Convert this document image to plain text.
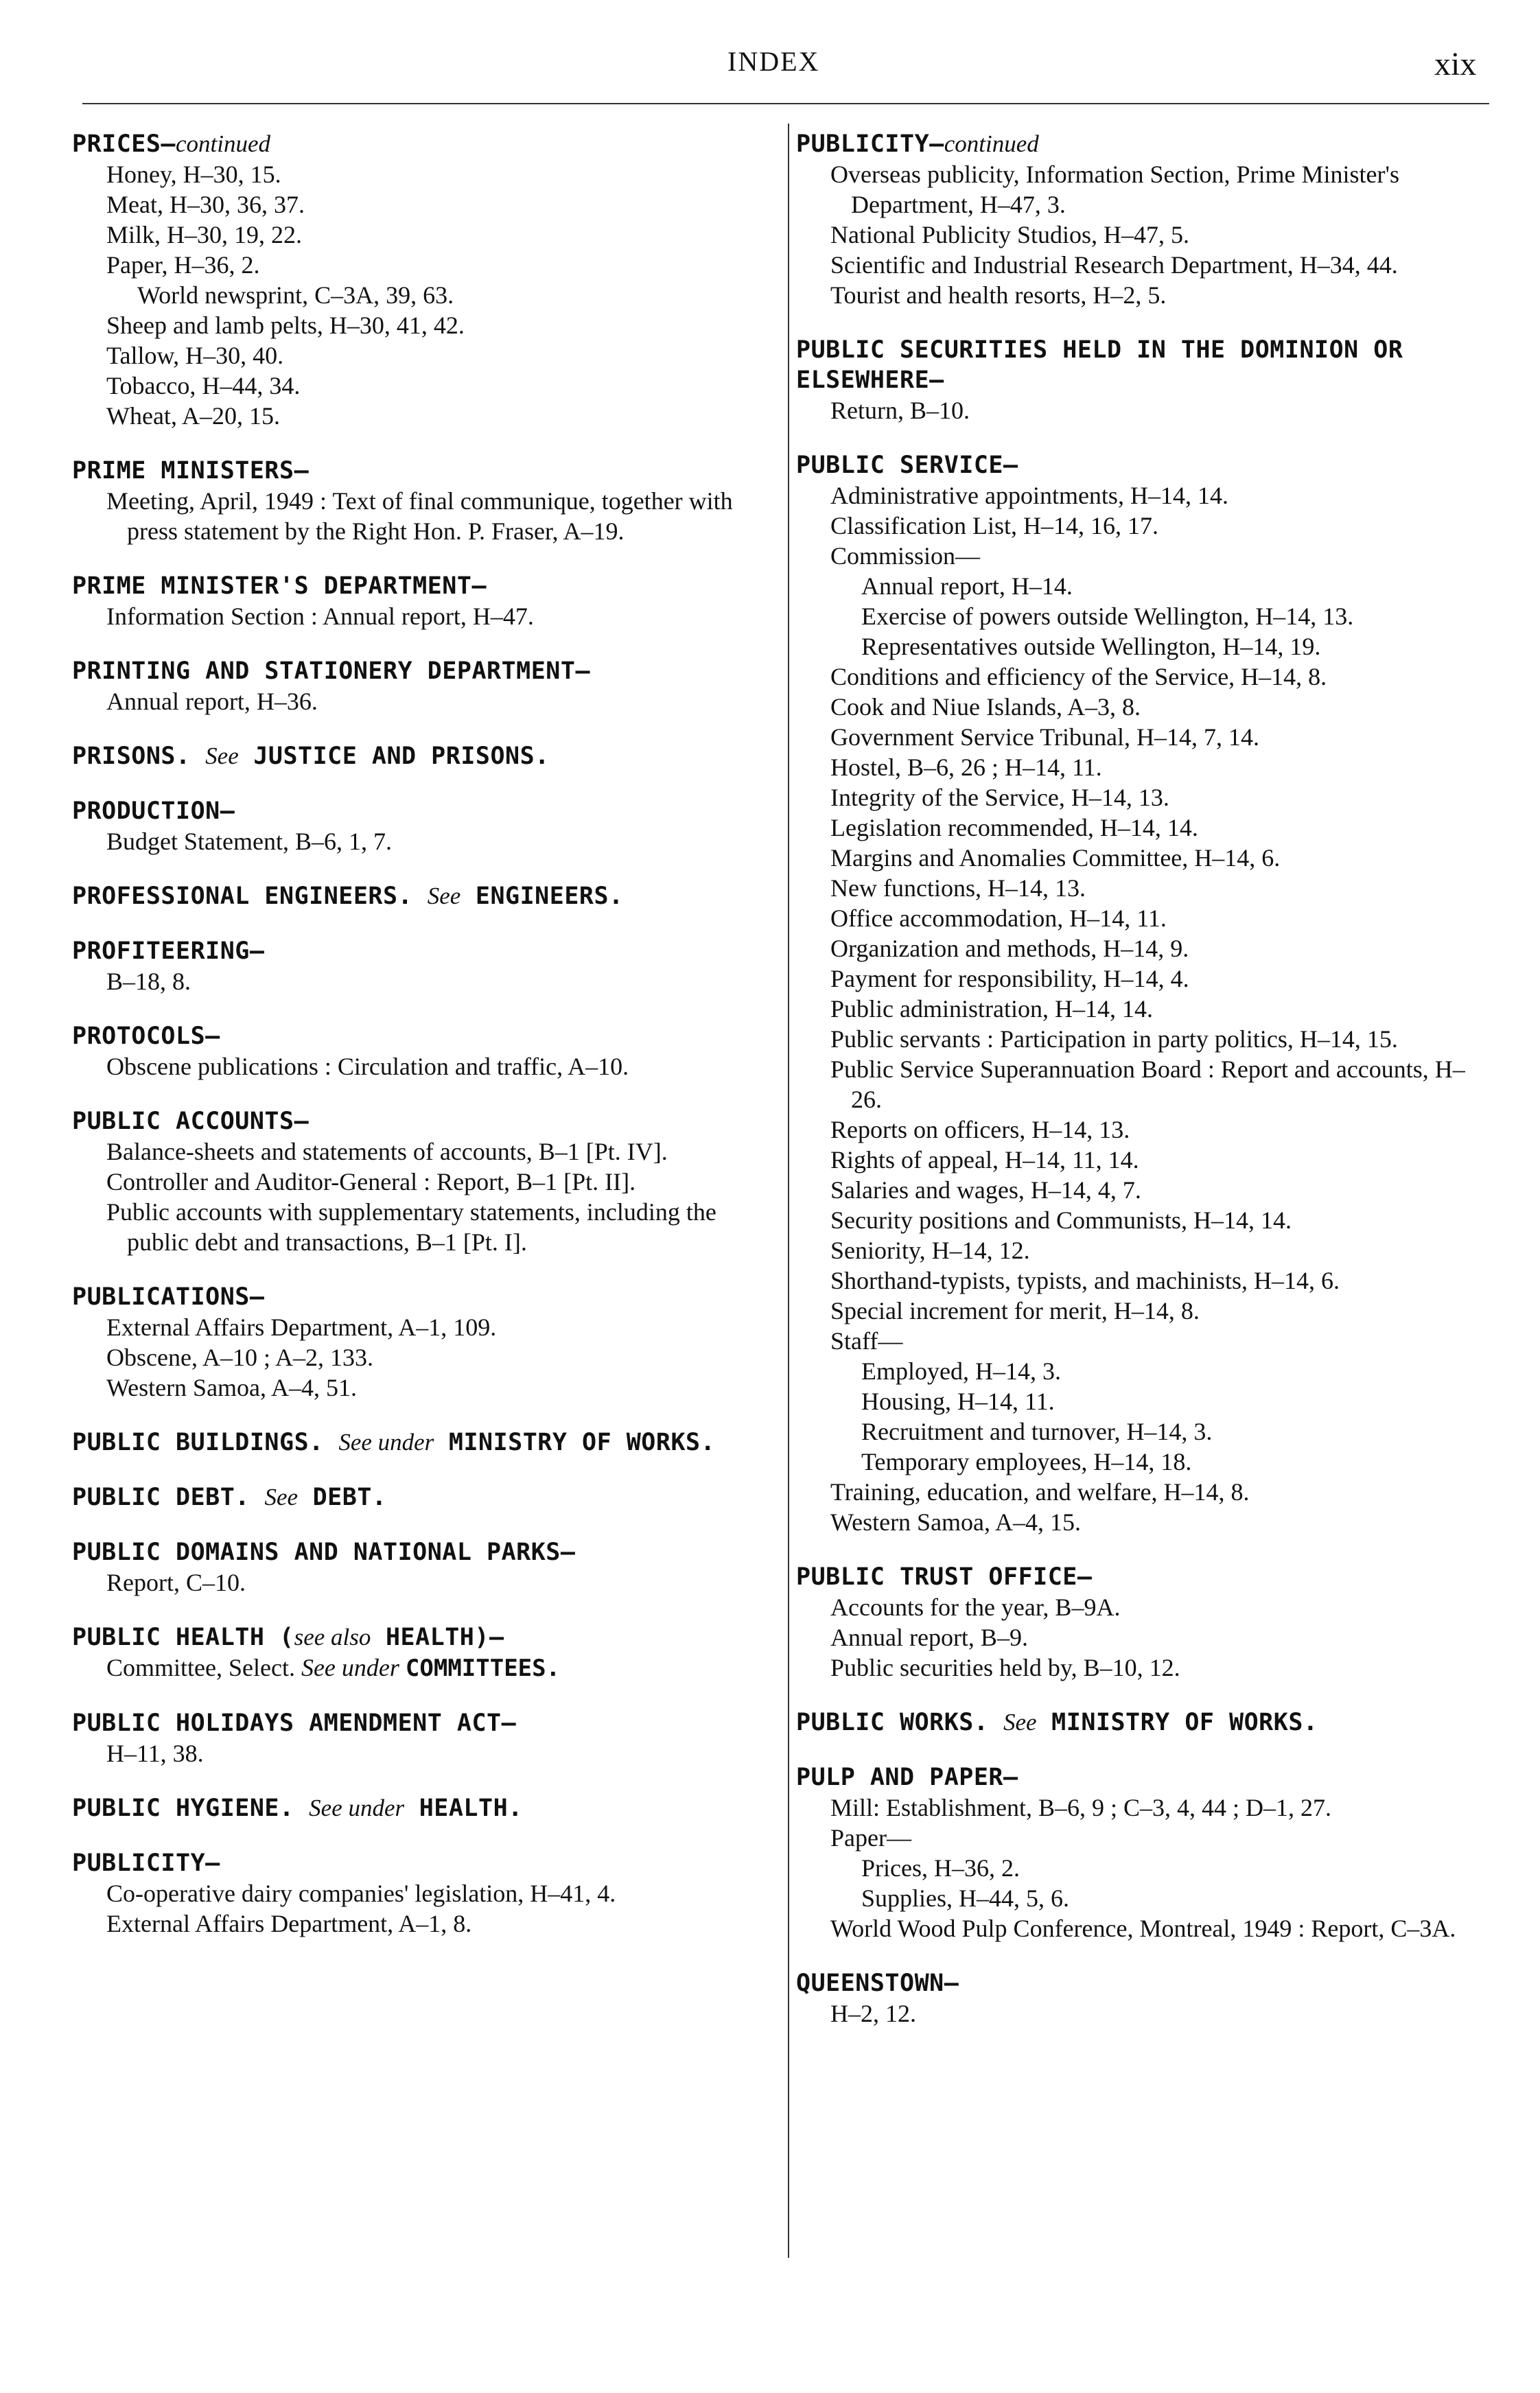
INDEX	xix
PRICES—continued
Honey, H–30, 15.
Meat, H–30, 36, 37.
Milk, H–30, 19, 22.
Paper, H–36, 2.
World newsprint, C–3A, 39, 63.
Sheep and lamb pelts, H–30, 41, 42.
Tallow, H–30, 40.
Tobacco, H–44, 34.
Wheat, A–20, 15.
PRIME MINISTERS—
Meeting, April, 1949 : Text of final communique, together with press statement by the Right Hon. P. Fraser, A–19.
PRIME MINISTER'S DEPARTMENT—
Information Section : Annual report, H–47.
PRINTING AND STATIONERY DEPARTMENT—
Annual report, H–36.
PRISONS. See JUSTICE AND PRISONS.
PRODUCTION—
Budget Statement, B–6, 1, 7.
PROFESSIONAL ENGINEERS. See ENGINEERS.
PROFITEERING—
B–18, 8.
PROTOCOLS—
Obscene publications : Circulation and traffic, A–10.
PUBLIC ACCOUNTS—
Balance-sheets and statements of accounts, B–1 [Pt. IV].
Controller and Auditor-General : Report, B–1 [Pt. II].
Public accounts with supplementary statements, including the public debt and transactions, B–1 [Pt. I].
PUBLICATIONS—
External Affairs Department, A–1, 109.
Obscene, A–10 ; A–2, 133.
Western Samoa, A–4, 51.
PUBLIC BUILDINGS. See under MINISTRY OF WORKS.
PUBLIC DEBT. See DEBT.
PUBLIC DOMAINS AND NATIONAL PARKS—
Report, C–10.
PUBLIC HEALTH (see also HEALTH)—
Committee, Select. See under COMMITTEES.
PUBLIC HOLIDAYS AMENDMENT ACT—
H–11, 38.
PUBLIC HYGIENE. See under HEALTH.
PUBLICITY—
Co-operative dairy companies' legislation, H–41, 4.
External Affairs Department, A–1, 8.
PUBLICITY—continued
Overseas publicity, Information Section, Prime Minister's Department, H–47, 3.
National Publicity Studios, H–47, 5.
Scientific and Industrial Research Department, H–34, 44.
Tourist and health resorts, H–2, 5.
PUBLIC SECURITIES HELD IN THE DOMINION OR ELSEWHERE—
Return, B–10.
PUBLIC SERVICE—
Administrative appointments, H–14, 14.
Classification List, H–14, 16, 17.
Commission—
Annual report, H–14.
Exercise of powers outside Wellington, H–14, 13.
Representatives outside Wellington, H–14, 19.
Conditions and efficiency of the Service, H–14, 8.
Cook and Niue Islands, A–3, 8.
Government Service Tribunal, H–14, 7, 14.
Hostel, B–6, 26 ; H–14, 11.
Integrity of the Service, H–14, 13.
Legislation recommended, H–14, 14.
Margins and Anomalies Committee, H–14, 6.
New functions, H–14, 13.
Office accommodation, H–14, 11.
Organization and methods, H–14, 9.
Payment for responsibility, H–14, 4.
Public administration, H–14, 14.
Public servants : Participation in party politics, H–14, 15.
Public Service Superannuation Board : Report and accounts, H–26.
Reports on officers, H–14, 13.
Rights of appeal, H–14, 11, 14.
Salaries and wages, H–14, 4, 7.
Security positions and Communists, H–14, 14.
Seniority, H–14, 12.
Shorthand-typists, typists, and machinists, H–14, 6.
Special increment for merit, H–14, 8.
Staff—
Employed, H–14, 3.
Housing, H–14, 11.
Recruitment and turnover, H–14, 3.
Temporary employees, H–14, 18.
Training, education, and welfare, H–14, 8.
Western Samoa, A–4, 15.
PUBLIC TRUST OFFICE—
Accounts for the year, B–9A.
Annual report, B–9.
Public securities held by, B–10, 12.
PUBLIC WORKS. See MINISTRY OF WORKS.
PULP AND PAPER—
Mill: Establishment, B–6, 9 ; C–3, 4, 44 ; D–1, 27.
Paper—
Prices, H–36, 2.
Supplies, H–44, 5, 6.
World Wood Pulp Conference, Montreal, 1949 : Report, C–3A.
QUEENSTOWN—
H–2, 12.
